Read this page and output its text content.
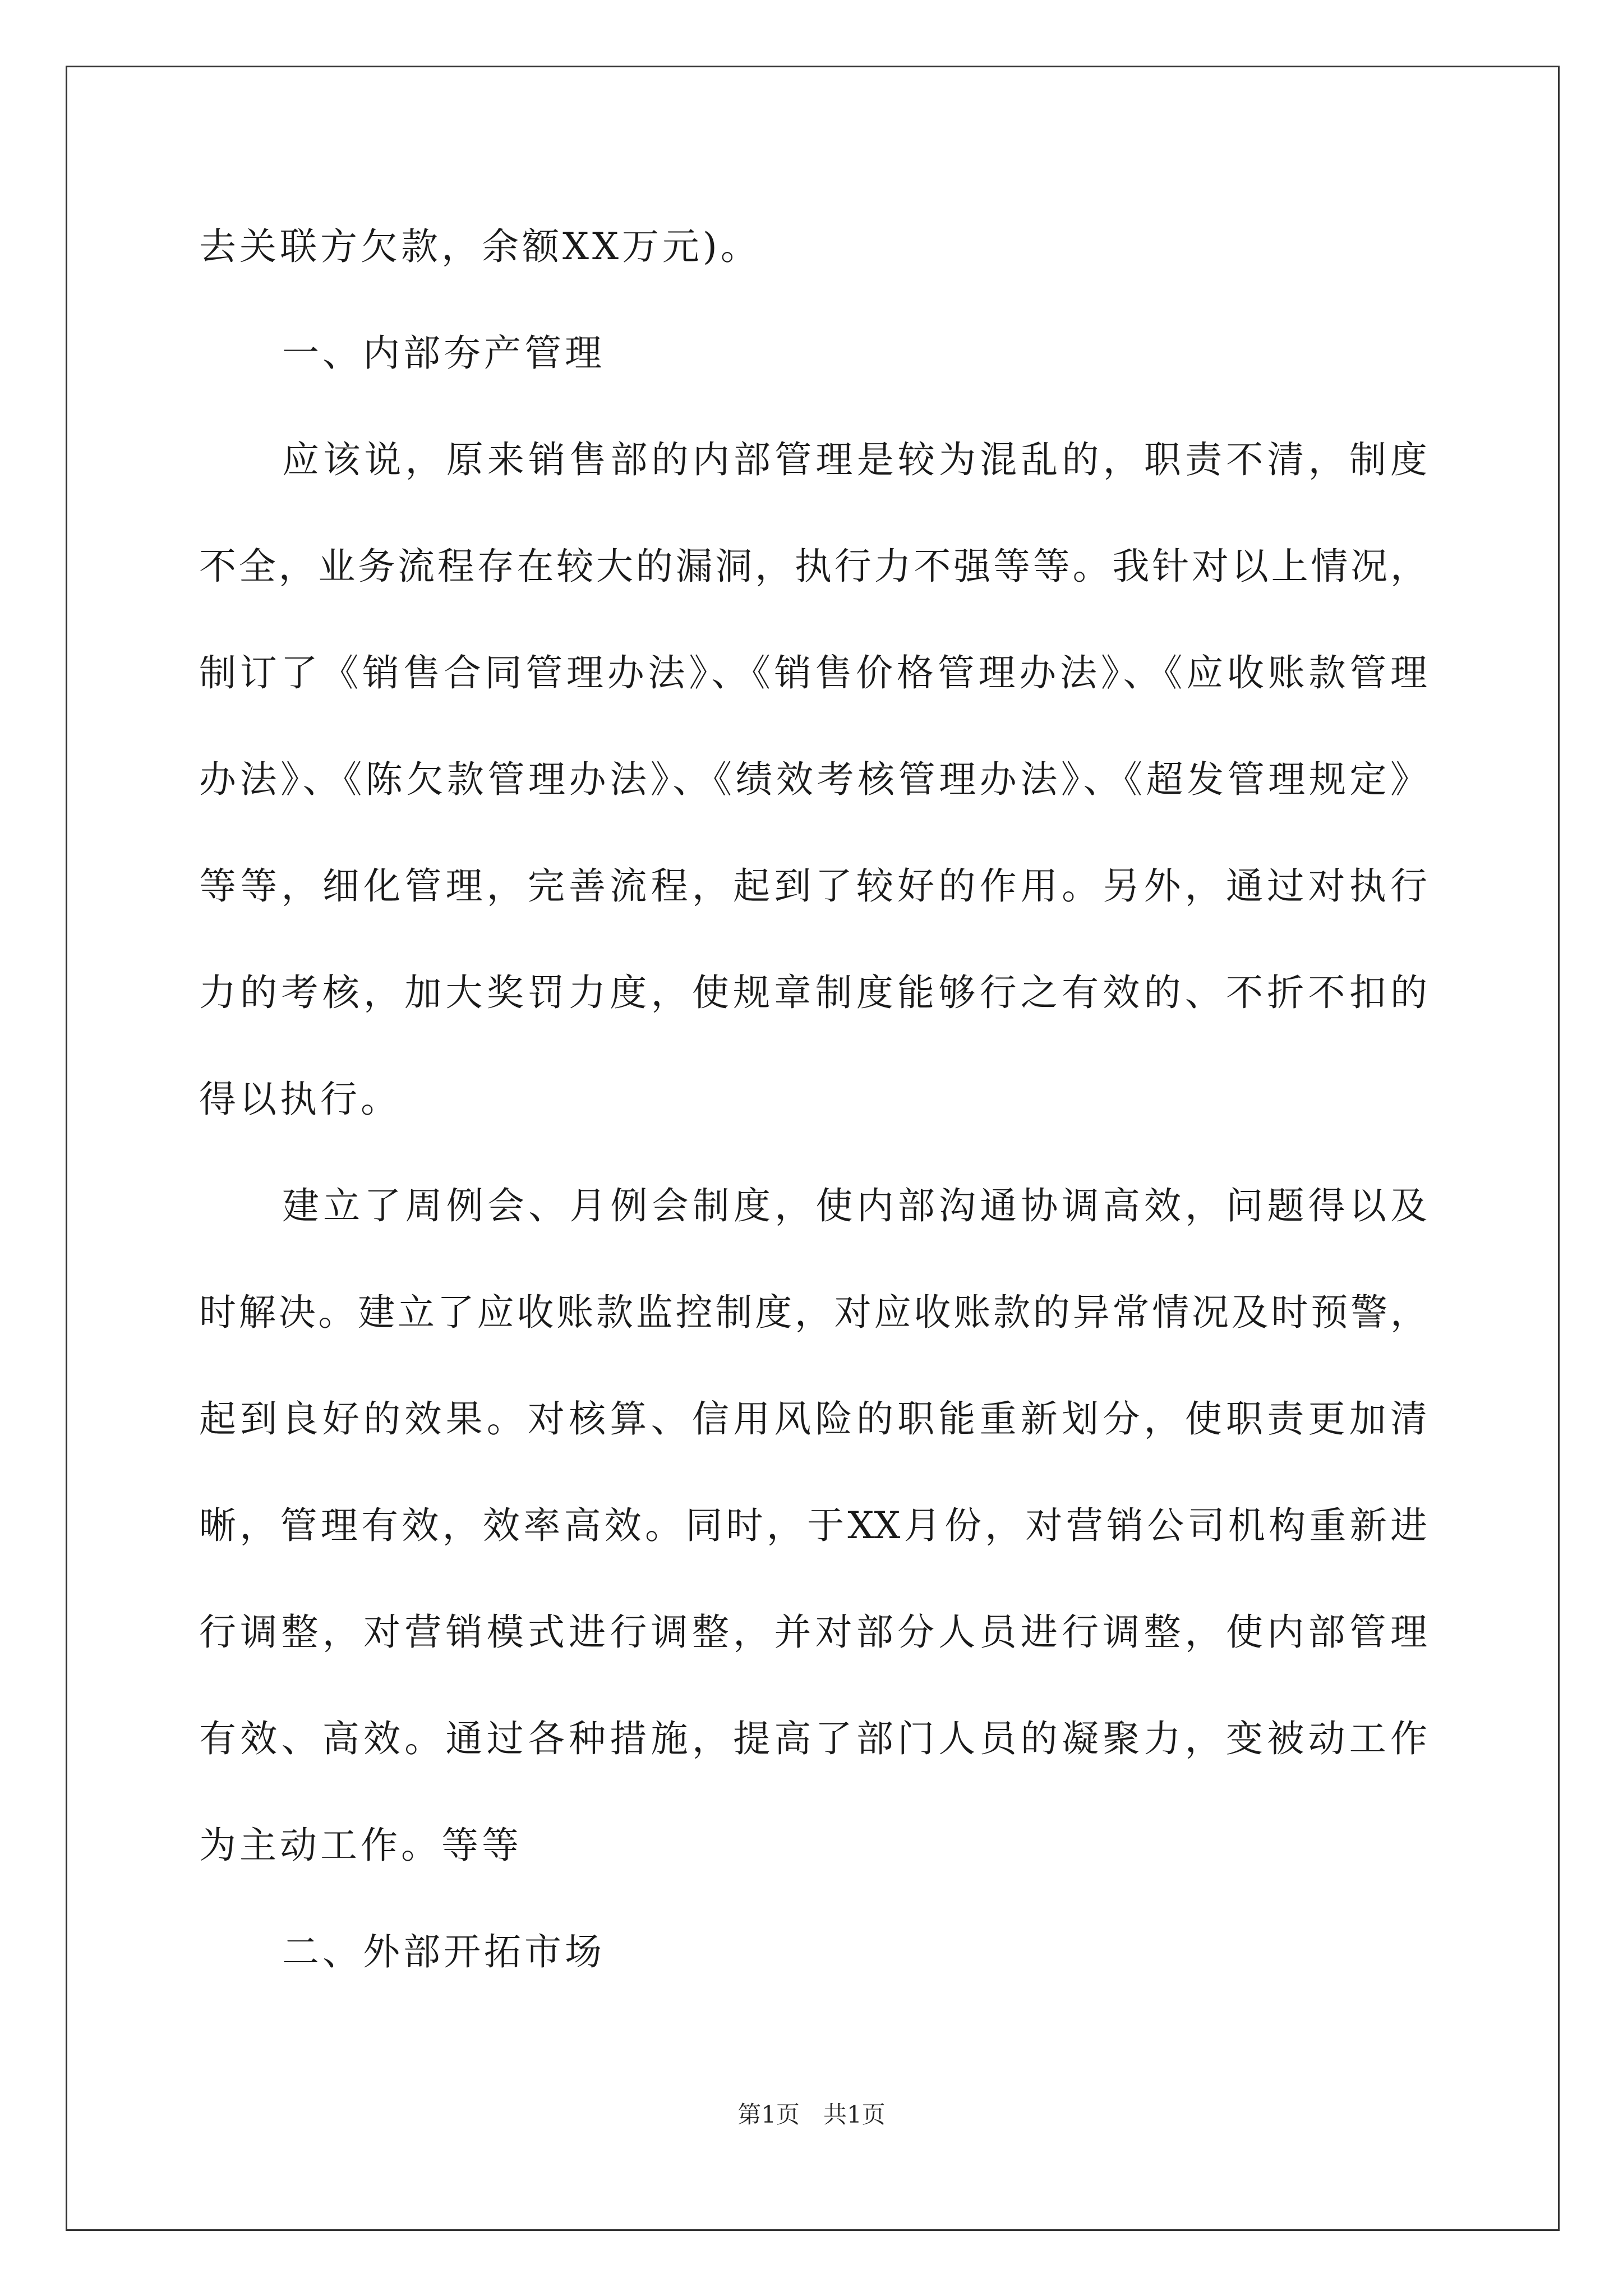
去关联方欠款，余额XX万元)。
一、内部夯产管理
应该说，原来销售部的内部管理是较为混乱的，职责不清，制度
不全，业务流程存在较大的漏洞，执行力不强等等。我针对以上情况，
制订了《销售合同管理办法》、《销售价格管理办法》、《应收账款管理
办法》、《陈欠款管理办法》、《绩效考核管理办法》、《超发管理规定》
等等，细化管理，完善流程，起到了较好的作用。另外，通过对执行
力的考核，加大奖罚力度，使规章制度能够行之有效的、不折不扣的
得以执行。
建立了周例会、月例会制度，使内部沟通协调高效，问题得以及
时解决。建立了应收账款监控制度，对应收账款的异常情况及时预警，
起到良好的效果。对核算、信用风险的职能重新划分，使职责更加清
晰，管理有效，效率高效。同时，于XX月份，对营销公司机构重新进
行调整，对营销模式进行调整，并对部分人员进行调整，使内部管理
有效、高效。通过各种措施，提高了部门人员的凝聚力，变被动工作
为主动工作。等等
二、外部开拓市场
第1页　共1页
